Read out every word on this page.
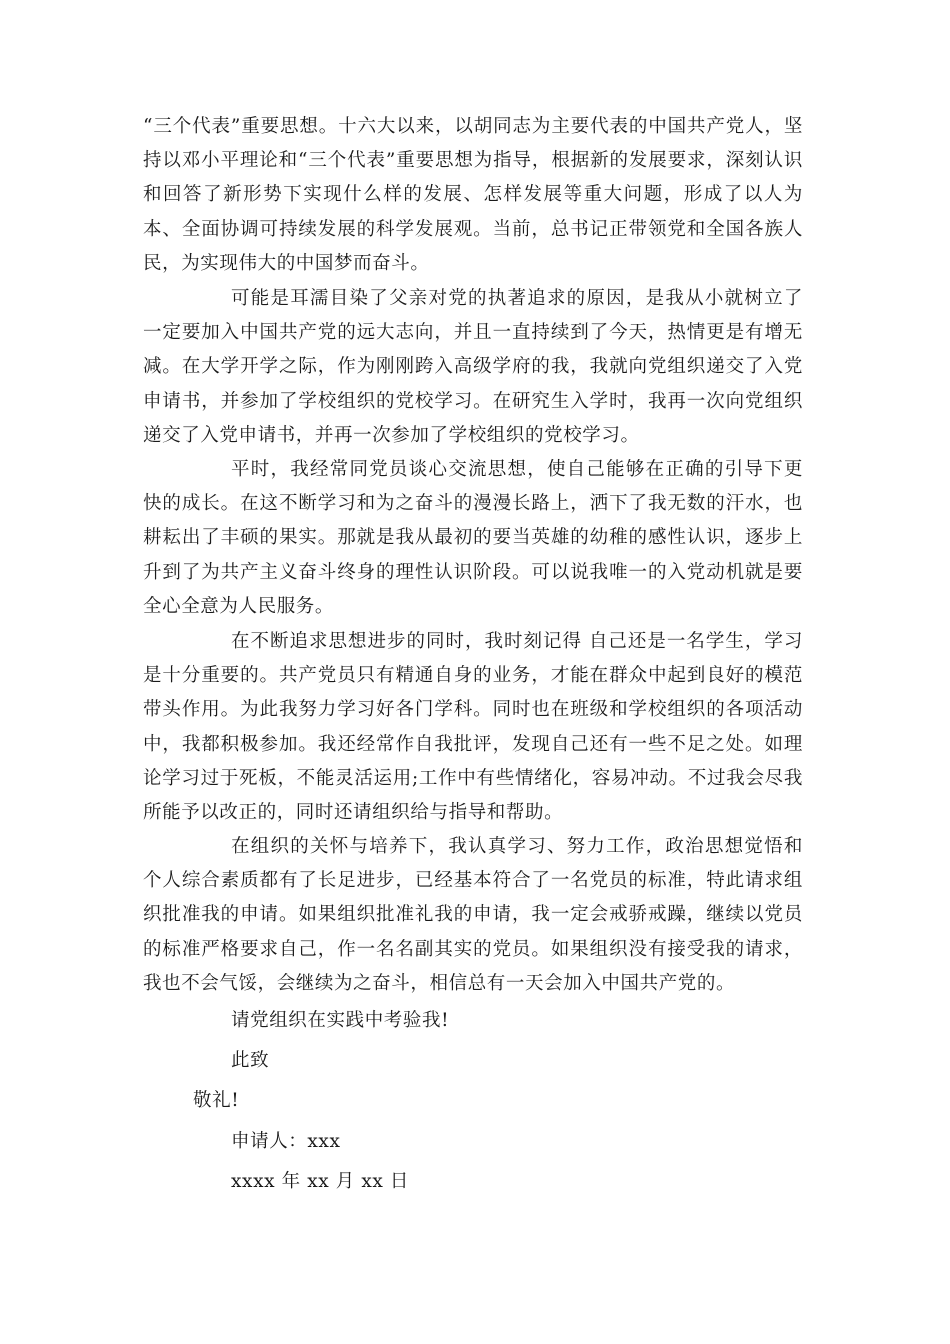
“三个代表”重要思想。十六大以来，以胡同志为主要代表的中国共产党人，坚持以邓小平理论和“三个代表”重要思想为指导，根据新的发展要求，深刻认识和回答了新形势下实现什么样的发展、怎样发展等重大问题，形成了以人为本、全面协调可持续发展的科学发展观。当前，总书记正带领党和全国各族人民，为实现伟大的中国梦而奋斗。

可能是耳濡目染了父亲对党的执著追求的原因，是我从小就树立了一定要加入中国共产党的远大志向，并且一直持续到了今天，热情更是有增无减。在大学开学之际，作为刚刚跨入高级学府的我，我就向党组织递交了入党申请书，并参加了学校组织的党校学习。在研究生入学时，我再一次向党组织递交了入党申请书，并再一次参加了学校组织的党校学习。

平时，我经常同党员谈心交流思想，使自己能够在正确的引导下更快的成长。在这不断学习和为之奋斗的漫漫长路上，洒下了我无数的汗水，也耕耘出了丰硕的果实。那就是我从最初的要当英雄的幼稚的感性认识，逐步上升到了为共产主义奋斗终身的理性认识阶段。可以说我唯一的入党动机就是要全心全意为人民服务。

在不断追求思想进步的同时，我时刻记得 自己还是一名学生，学习是十分重要的。共产党员只有精通自身的业务，才能在群众中起到良好的模范带头作用。为此我努力学习好各门学科。同时也在班级和学校组织的各项活动中，我都积极参加。我还经常作自我批评，发现自己还有一些不足之处。如理论学习过于死板，不能灵活运用;工作中有些情绪化，容易冲动。不过我会尽我所能予以改正的，同时还请组织给与指导和帮助。

在组织的关怀与培养下，我认真学习、努力工作，政治思想觉悟和个人综合素质都有了长足进步，已经基本符合了一名党员的标准，特此请求组织批准我的申请。如果组织批准礼我的申请，我一定会戒骄戒躁，继续以党员的标准严格要求自己，作一名名副其实的党员。如果组织没有接受我的请求，我也不会气馁，会继续为之奋斗，相信总有一天会加入中国共产党的。

请党组织在实践中考验我!

此致

敬礼!

申请人：xxx

xxxx 年 xx 月 xx 日
